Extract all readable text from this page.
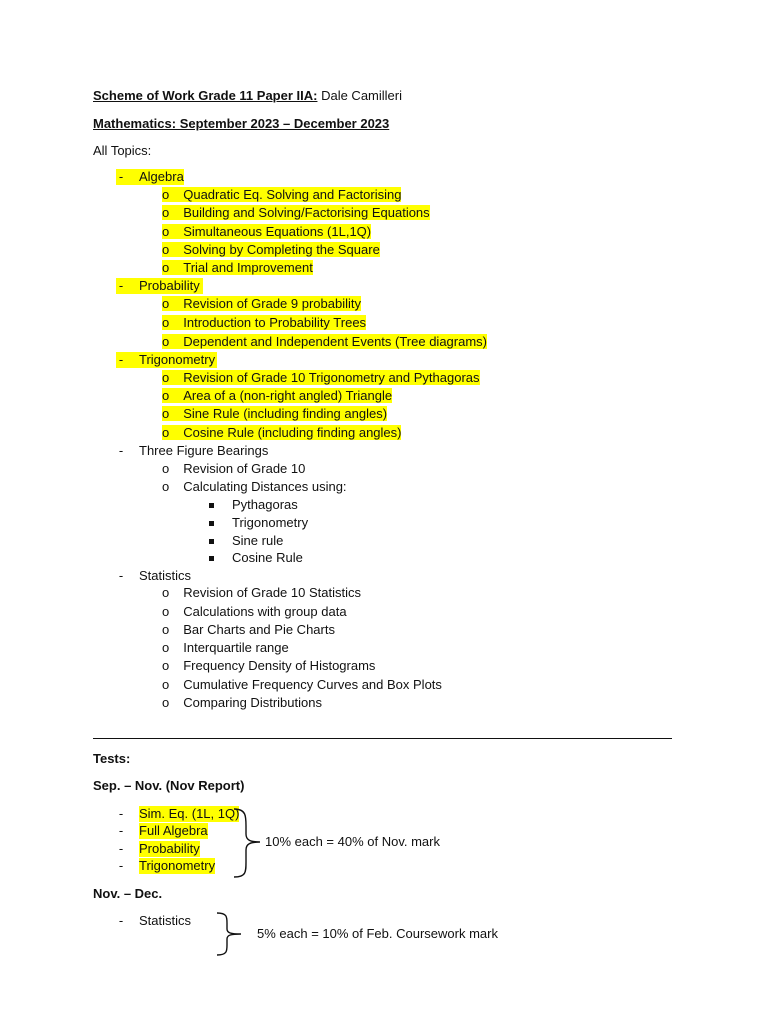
Scheme of Work Grade 11 Paper IIA: Dale Camilleri
Mathematics: September 2023 – December 2023
All Topics:
- Algebra

o Quadratic Eq. Solving and Factorising
o Building and Solving/Factorising Equations
o Simultaneous Equations (1L,1Q)
o Solving by Completing the Square
o Trial and Improvement
- Probability

o Revision of Grade 9 probability
o Introduction to Probability Trees
o Dependent and Independent Events (Tree diagrams)
- Trigonometry

o Revision of Grade 10 Trigonometry and Pythagoras
o Area of a (non-right angled) Triangle
o Sine Rule (including finding angles)
o Cosine Rule (including finding angles)
- Three Figure Bearings
o Revision of Grade 10
o Calculating Distances using:
Pythagoras
Trigonometry
Sine rule
Cosine Rule
- Statistics
o Revision of Grade 10 Statistics
o Calculations with group data
o Bar Charts and Pie Charts
o Interquartile range
o Frequency Density of Histograms
o Cumulative Frequency Curves and Box Plots
o Comparing Distributions
Tests:
Sep. – Nov. (Nov Report)
- Sim. Eq. (1L, 1Q)
- Full Algebra
- Probability
- Trigonometry
10% each = 40% of Nov. mark
Nov. – Dec.
- Statistics
5% each = 10% of Feb. Coursework mark
